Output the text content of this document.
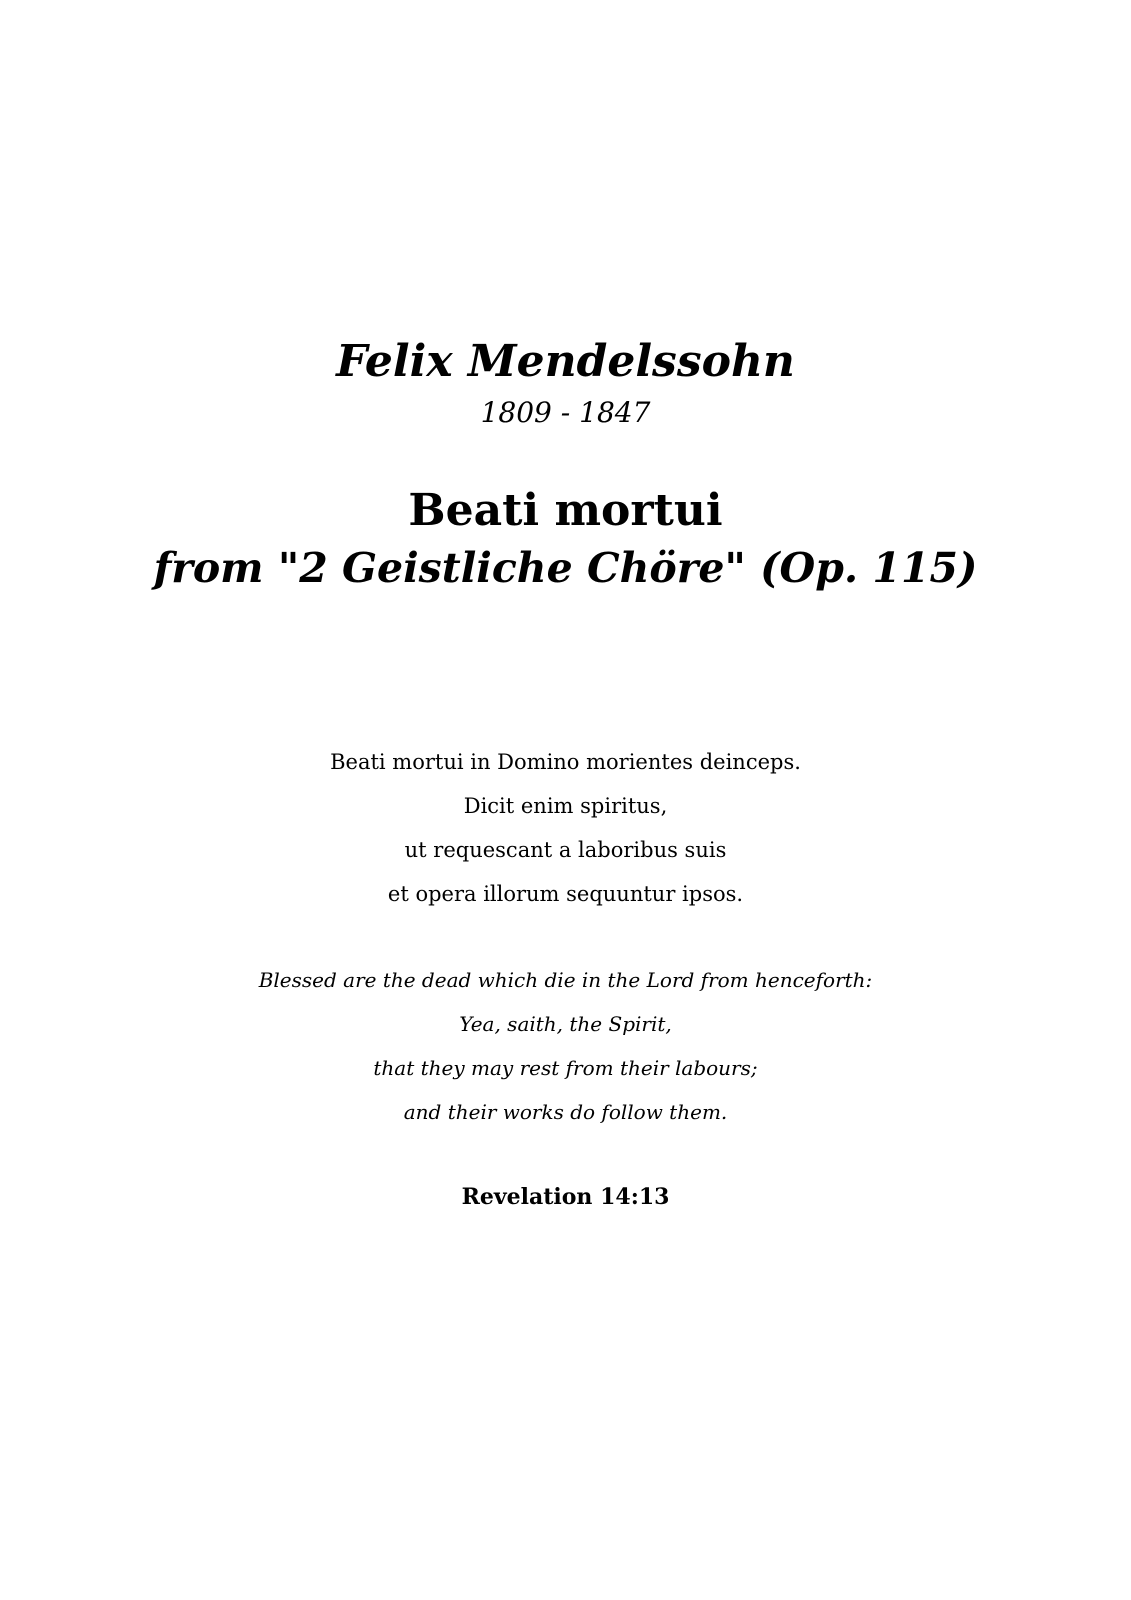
Felix Mendelssohn
1809 - 1847
Beati mortui
from "2 Geistliche Chöre" (Op. 115)

Beati mortui in Domino morientes deinceps.

Dicit enim spiritus,

ut requescant a laboribus suis

et opera illorum sequuntur ipsos.

Blessed are the dead which die in the Lord from henceforth:

Yea, saith, the Spirit,

that they may rest from their labours;

and their works do follow them.

Revelation 14:13
